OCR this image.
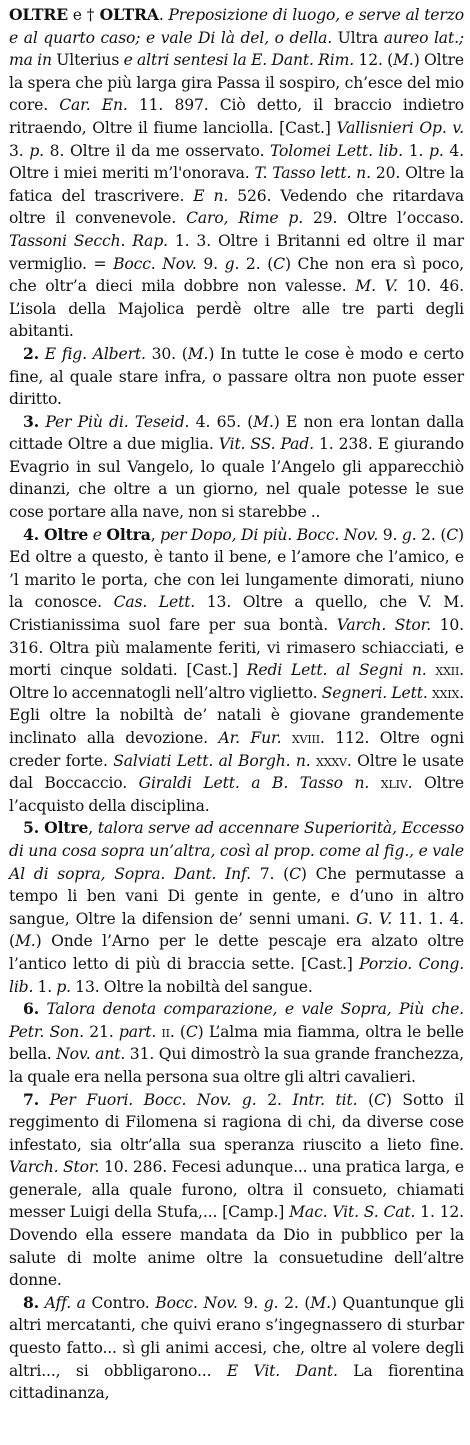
OLTRE e † OLTRA. Preposizione di luogo, e serve al terzo e al quarto caso; e vale Di là del, o della. Ultra aureo lat.; ma in Ulterius e altri sentesi la E. Dant. Rim. 12. (M.) Oltre la spera che più larga gira Passa il sospiro, ch’esce del mio core. Car. En. 11. 897. Ciò detto, il braccio indietro ritraendo, Oltre il fiume lanciolla. [Cast.] Vallisnieri Op. v. 3. p. 8. Oltre il da me osservato. Tolomei Lett. lib. 1. p. 4. Oltre i miei meriti m’lꞌonorava. T. Tasso lett. n. 20. Oltre la fatica del trascrivere. E n. 526. Vedendo che ritardava oltre il convenevole. Caro, Rime p. 29. Oltre l’occaso. Tassoni Secch. Rap. 1. 3. Oltre i Britanni ed oltre il mar vermiglio. = Bocc. Nov. 9. g. 2. (C) Che non era sì poco, che oltr’a dieci mila dobbre non valesse. M. V. 10. 46. L’isola della Majolica perdè oltre alle tre parti degli abitanti.

2. E fig. Albert. 30. (M.) In tutte le cose è modo e certo fine, al quale stare infra, o passare oltra non puote esser diritto.

3. Per Più di. Teseid. 4. 65. (M.) E non era lontan dalla cittade Oltre a due miglia. Vit. SS. Pad. 1. 238. E giurando Evagrio in sul Vangelo, lo quale l’Angelo gli apparecchiò dinanzi, che oltre a un giorno, nel quale potesse le sue cose portare alla nave, non si starebbe ..

4. Oltre e Oltra, per Dopo, Di più. Bocc. Nov. 9. g. 2. (C) Ed oltre a questo, è tanto il bene, e l’amore che l’amico, e ’l marito le porta, che con lei lungamente dimorati, niuno la conosce. Cas. Lett. 13. Oltre a quello, che V. M. Cristianissima suol fare per sua bontà. Varch. Stor. 10. 316. Oltra più malamente feriti, vi rimasero schiacciati, e morti cinque soldati. [Cast.] Redi Lett. al Segni n. xxii. Oltre lo accennatogli nell’altro viglietto. Segneri. Lett. xxix. Egli oltre la nobiltà de’ natali è giovane grandemente inclinato alla devozione. Ar. Fur. xviii. 112. Oltre ogni creder forte. Salviati Lett. al Borgh. n. xxxv. Oltre le usate dal Boccaccio. Giraldi Lett. a B. Tasso n. xliv. Oltre l’acquisto della disciplina.

5. Oltre, talora serve ad accennare Superiorità, Eccesso di una cosa sopra un’altra, così al prop. come al fig., e vale Al di sopra, Sopra. Dant. Inf. 7. (C) Che permutasse a tempo li ben vani Di gente in gente, e d’uno in altro sangue, Oltre la difension de’ senni umani. G. V. 11. 1. 4. (M.) Onde l’Arno per le dette pescaje era alzato oltre l’antico letto di più di braccia sette. [Cast.] Porzio. Cong. lib. 1. p. 13. Oltre la nobiltà del sangue.

6. Talora denota comparazione, e vale Sopra, Più che. Petr. Son. 21. part. ii. (C) L’alma mia fiamma, oltra le belle bella. Nov. ant. 31. Qui dimostrò la sua grande franchezza, la quale era nella persona sua oltre gli altri cavalieri.

7. Per Fuori. Bocc. Nov. g. 2. Intr. tit. (C) Sotto il reggimento di Filomena si ragiona di chi, da diverse cose infestato, sia oltr’alla sua speranza riuscito a lieto fine. Varch. Stor. 10. 286. Fecesi adunque... una pratica larga, e generale, alla quale furono, oltra il consueto, chiamati messer Luigi della Stufa,... [Camp.] Mac. Vit. S. Cat. 1. 12. Dovendo ella essere mandata da Dio in pubblico per la salute di molte anime oltre la consuetudine dell’altre donne.

8. Aff. a Contro. Bocc. Nov. 9. g. 2. (M.) Quantunque gli altri mercatanti, che quivi erano s’ingegnassero di sturbar questo fatto... sì gli animi accesi, che, oltre al volere degli altri..., si obbligarono... E Vit. Dant. La fiorentina cittadinanza,
